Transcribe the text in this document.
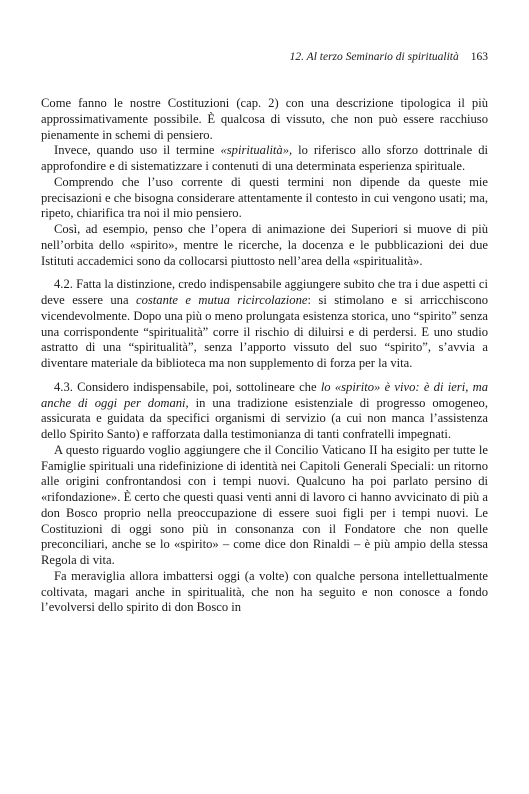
12. Al terzo Seminario di spiritualità 163

Come fanno le nostre Costituzioni (cap. 2) con una descrizione tipologica il più approssimativamente possibile. È qualcosa di vissuto, che non può essere racchiuso pienamente in schemi di pensiero.

Invece, quando uso il termine «spiritualità», lo riferisco allo sforzo dottrinale di approfondire e di sistematizzare i contenuti di una determinata esperienza spirituale.

Comprendo che l’uso corrente di questi termini non dipende da queste mie precisazioni e che bisogna considerare attentamente il contesto in cui vengono usati; ma, ripeto, chiarifica tra noi il mio pensiero.

Così, ad esempio, penso che l’opera di animazione dei Superiori si muove di più nell’orbita dello «spirito», mentre le ricerche, la docenza e le pubblicazioni dei due Istituti accademici sono da collocarsi piuttosto nell’area della «spiritualità».

4.2. Fatta la distinzione, credo indispensabile aggiungere subito che tra i due aspetti ci deve essere una costante e mutua ricircolazione: si stimolano e si arricchiscono vicendevolmente. Dopo una più o meno prolungata esistenza storica, uno “spirito” senza una corrispondente “spiritualità” corre il rischio di diluirsi e di perdersi. E uno studio astratto di una “spiritualità”, senza l’apporto vissuto del suo “spirito”, s’avvia a diventare materiale da biblioteca ma non supplemento di forza per la vita.

4.3. Considero indispensabile, poi, sottolineare che lo «spirito» è vivo: è di ieri, ma anche di oggi per domani, in una tradizione esistenziale di progresso omogeneo, assicurata e guidata da specifici organismi di servizio (a cui non manca l’assistenza dello Spirito Santo) e rafforzata dalla testimonianza di tanti confratelli impegnati.

A questo riguardo voglio aggiungere che il Concilio Vaticano II ha esigito per tutte le Famiglie spirituali una ridefinizione di identità nei Capitoli Generali Speciali: un ritorno alle origini confrontandosi con i tempi nuovi. Qualcuno ha poi parlato persino di «rifondazione». È certo che questi quasi venti anni di lavoro ci hanno avvicinato di più a don Bosco proprio nella preoccupazione di essere suoi figli per i tempi nuovi. Le Costituzioni di oggi sono più in consonanza con il Fondatore che non quelle preconciliari, anche se lo «spirito» – come dice don Rinaldi – è più ampio della stessa Regola di vita.

Fa meraviglia allora imbattersi oggi (a volte) con qualche persona intellettualmente coltivata, magari anche in spiritualità, che non ha seguito e non conosce a fondo l’evolversi dello spirito di don Bosco in
